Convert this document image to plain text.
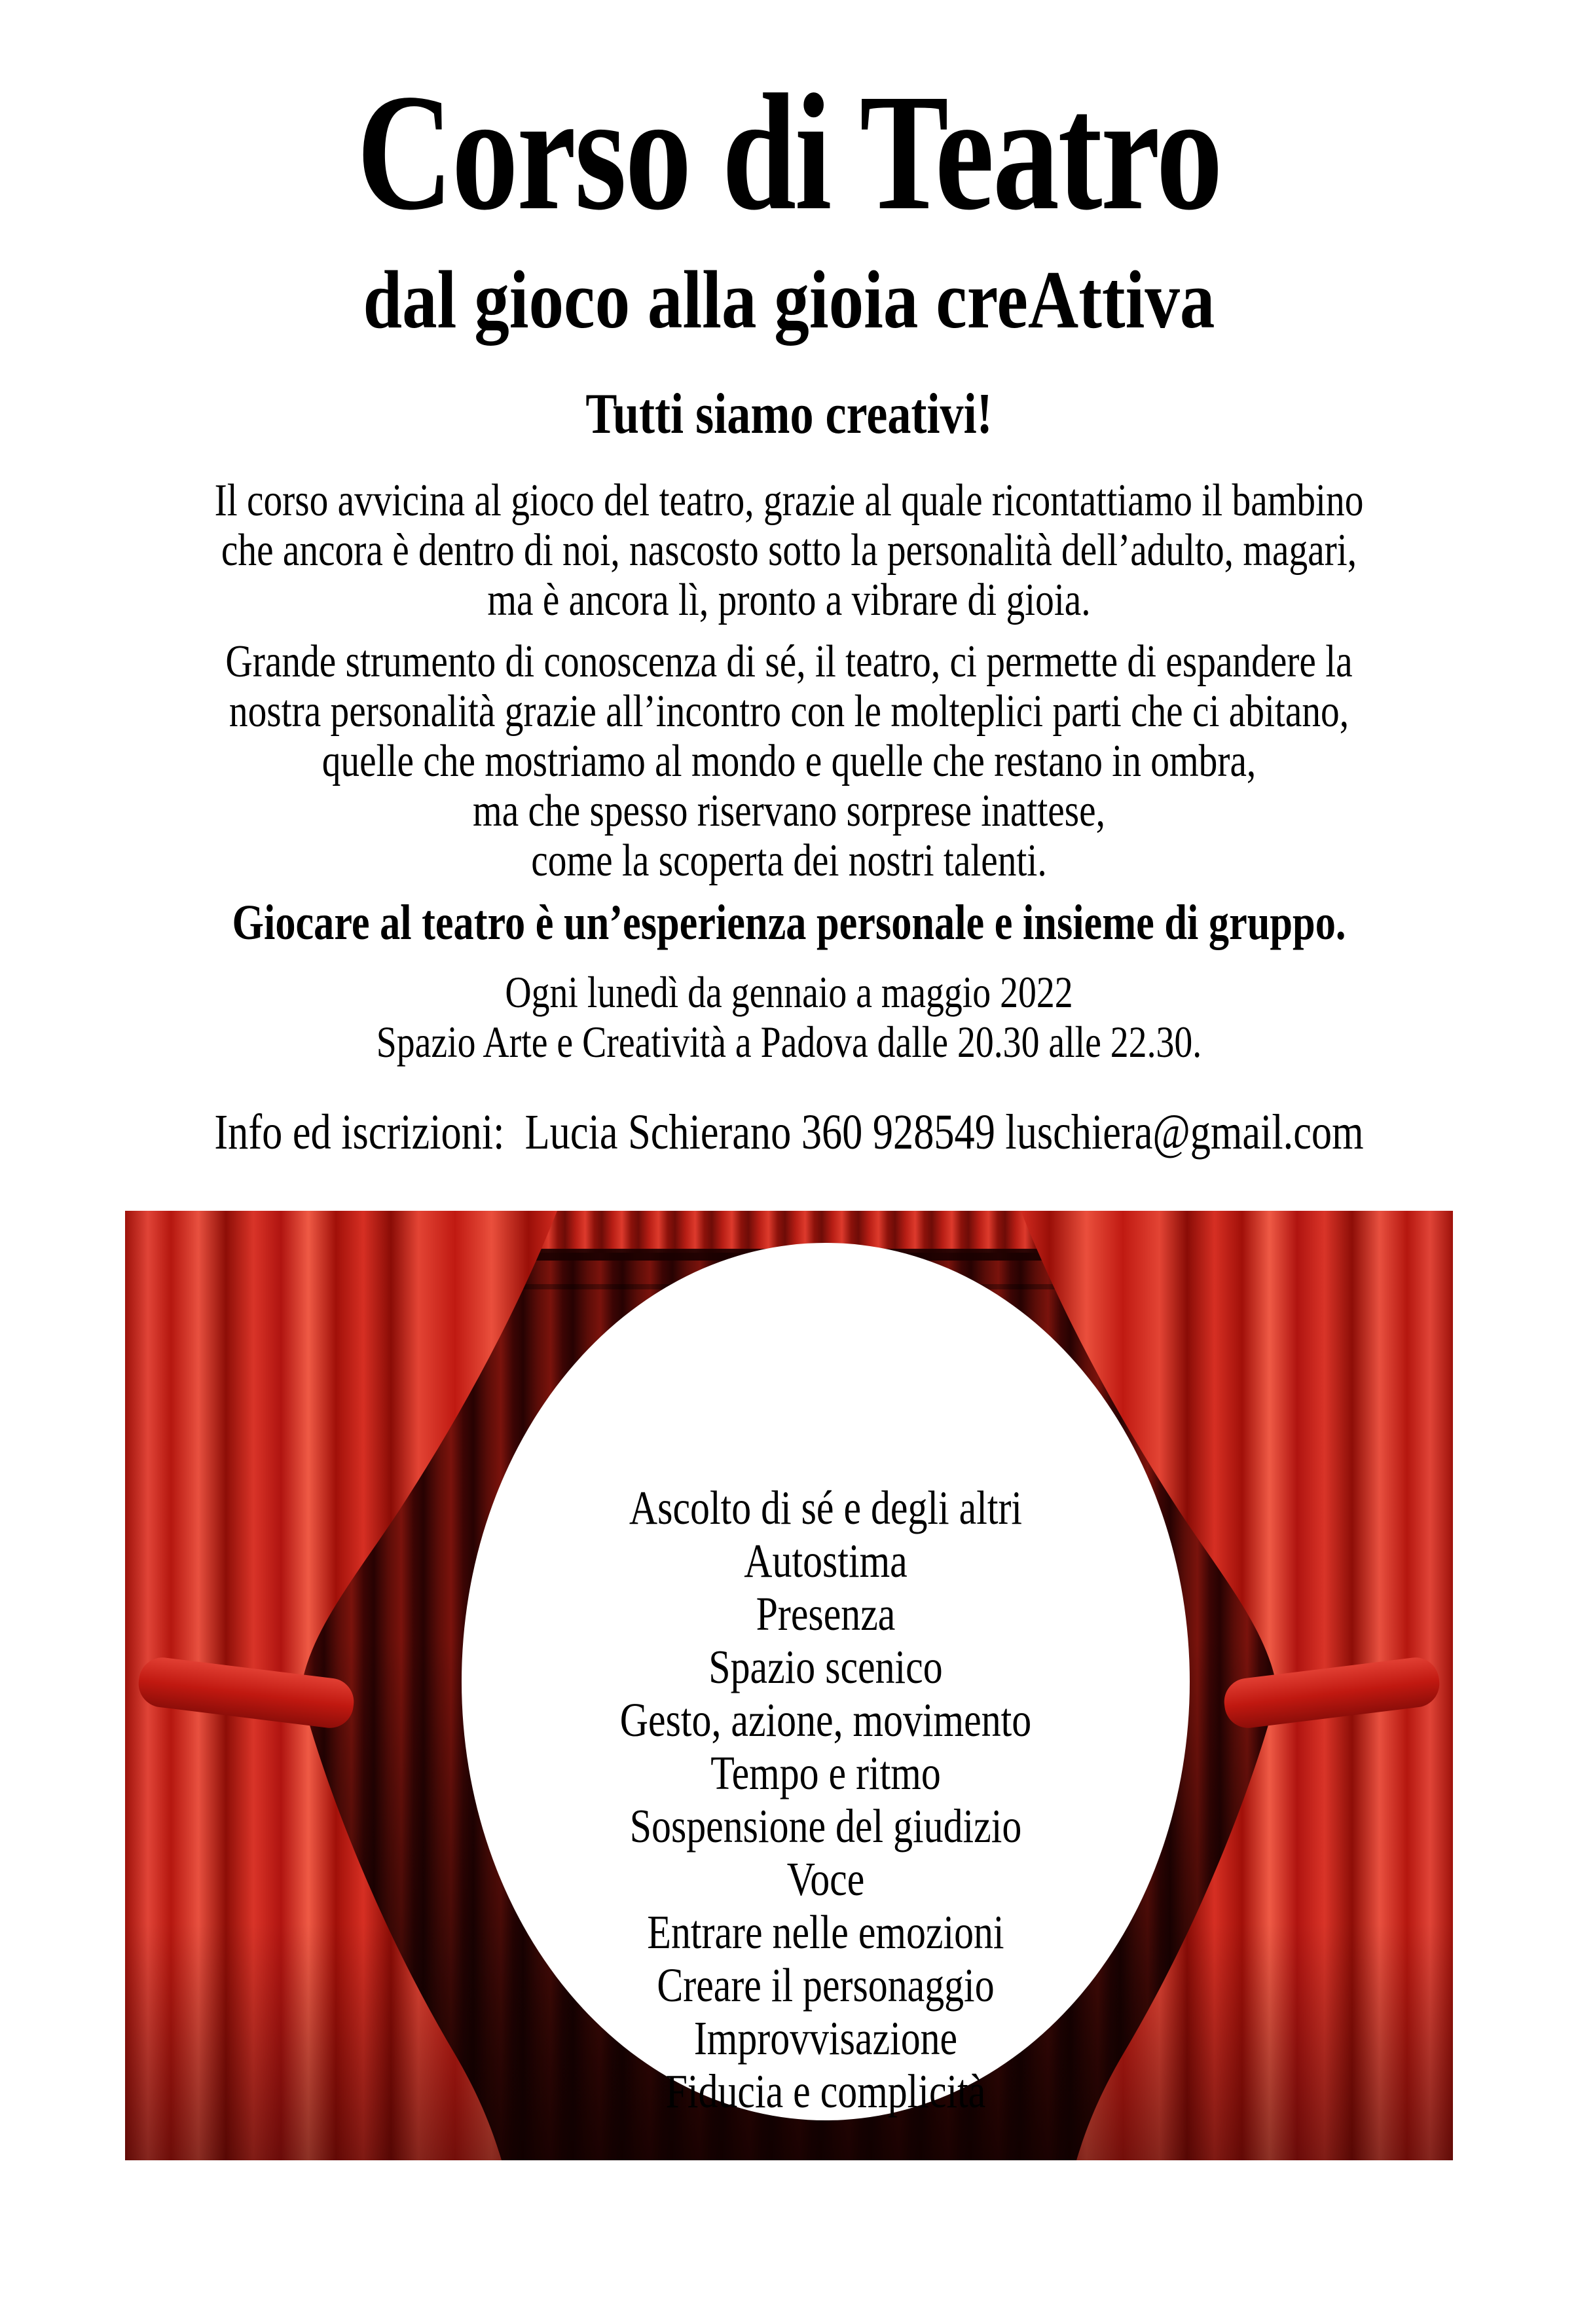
Corso di Teatro
dal gioco alla gioia creAttiva
Tutti siamo creativi!
Il corso avvicina al gioco del teatro, grazie al quale ricontattiamo il bambino
che ancora è dentro di noi, nascosto sotto la personalità dell’adulto, magari,
ma è ancora lì, pronto a vibrare di gioia.
Grande strumento di conoscenza di sé, il teatro, ci permette di espandere la
nostra personalità grazie all’incontro con le molteplici parti che ci abitano,
quelle che mostriamo al mondo e quelle che restano in ombra,
ma che spesso riservano sorprese inattese,
come la scoperta dei nostri talenti.
Giocare al teatro è un’esperienza personale e insieme di gruppo.
Ogni lunedì da gennaio a maggio 2022
Spazio Arte e Creatività a Padova dalle 20.30 alle 22.30.
Info ed iscrizioni:  Lucia Schierano 360 928549 luschiera@gmail.com
Ascolto di sé e degli altri
Autostima
Presenza
Spazio scenico
Gesto, azione, movimento
Tempo e ritmo
Sospensione del giudizio
Voce
Entrare nelle emozioni
Creare il personaggio
Improvvisazione
Fiducia e complicità
